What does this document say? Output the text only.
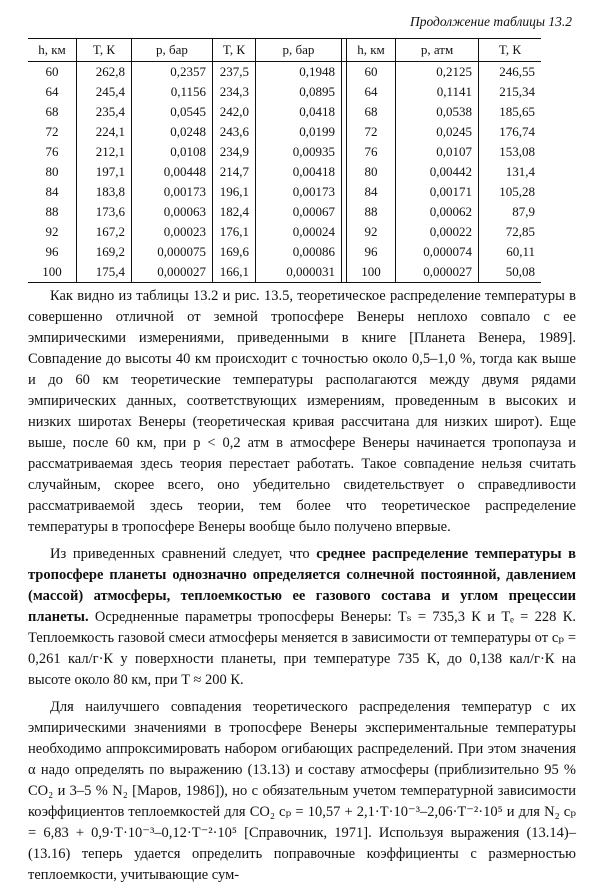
Продолжение таблицы 13.2
h, км	T, К	p, бар	T, К	p, бар		h, км	p, атм	T, К
60	262,8	0,2357	237,5	0,1948		60	0,2125	246,55
64	245,4	0,1156	234,3	0,0895		64	0,1141	215,34
68	235,4	0,0545	242,0	0,0418		68	0,0538	185,65
72	224,1	0,0248	243,6	0,0199		72	0,0245	176,74
76	212,1	0,0108	234,9	0,00935		76	0,0107	153,08
80	197,1	0,00448	214,7	0,00418		80	0,00442	131,4
84	183,8	0,00173	196,1	0,00173		84	0,00171	105,28
88	173,6	0,00063	182,4	0,00067		88	0,00062	87,9
92	167,2	0,00023	176,1	0,00024		92	0,00022	72,85
96	169,2	0,000075	169,6	0,00086		96	0,000074	60,11
100	175,4	0,000027	166,1	0,000031		100	0,000027	50,08

Как видно из таблицы 13.2 и рис. 13.5, теоретическое распределение температуры в совершенно отличной от земной тропосфере Венеры неплохо совпало с ее эмпирическими измерениями, приведенными в книге [Планета Венера, 1989]. Совпадение до высоты 40 км происходит с точностью около 0,5–1,0 %, тогда как выше и до 60 км теоретические температуры располагаются между двумя рядами эмпирических данных, соответствующих измерениям, проведенным в высоких и низких широтах Венеры (теоретическая кривая рассчитана для низких широт). Еще выше, после 60 км, при p < 0,2 атм в атмосфере Венеры начинается тропопауза и рассматриваемая здесь теория перестает работать. Такое совпадение нельзя считать случайным, скорее всего, оно убедительно свидетельствует о справедливости рассматриваемой здесь теории, тем более что теоретическое распределение температуры в тропосфере Венеры вообще было получено впервые.

Из приведенных сравнений следует, что среднее распределение температуры в тропосфере планеты однозначно определяется солнечной постоянной, давлением (массой) атмосферы, теплоемкостью ее газового состава и углом прецессии планеты. Осредненные параметры тропосферы Венеры: Tₛ = 735,3 К и Tₑ = 228 К. Теплоемкость газовой смеси атмосферы меняется в зависимости от температуры от cₚ = 0,261 кал/г·К у поверхности планеты, при температуре 735 К, до 0,138 кал/г·К на высоте около 80 км, при T ≈ 200 К.

Для наилучшего совпадения теоретического распределения температур с их эмпирическими значениями в тропосфере Венеры экспериментальные температуры необходимо аппроксимировать набором огибающих распределений. При этом значения α надо определять по выражению (13.13) и составу атмосферы (приблизительно 95 % CO₂ и 3–5 % N₂ [Маров, 1986]), но с обязательным учетом температурной зависимости коэффициентов теплоемкостей для CO₂ cₚ = 10,57 + 2,1·T·10⁻³–2,06·T⁻²·10⁵ и для N₂ cₚ = 6,83 + 0,9·T·10⁻³–0,12·T⁻²·10⁵ [Справочник, 1971]. Используя выражения (13.14)–(13.16) теперь удается определить поправочные коэффициенты с размерностью теплоемкости, учитывающие сум-
